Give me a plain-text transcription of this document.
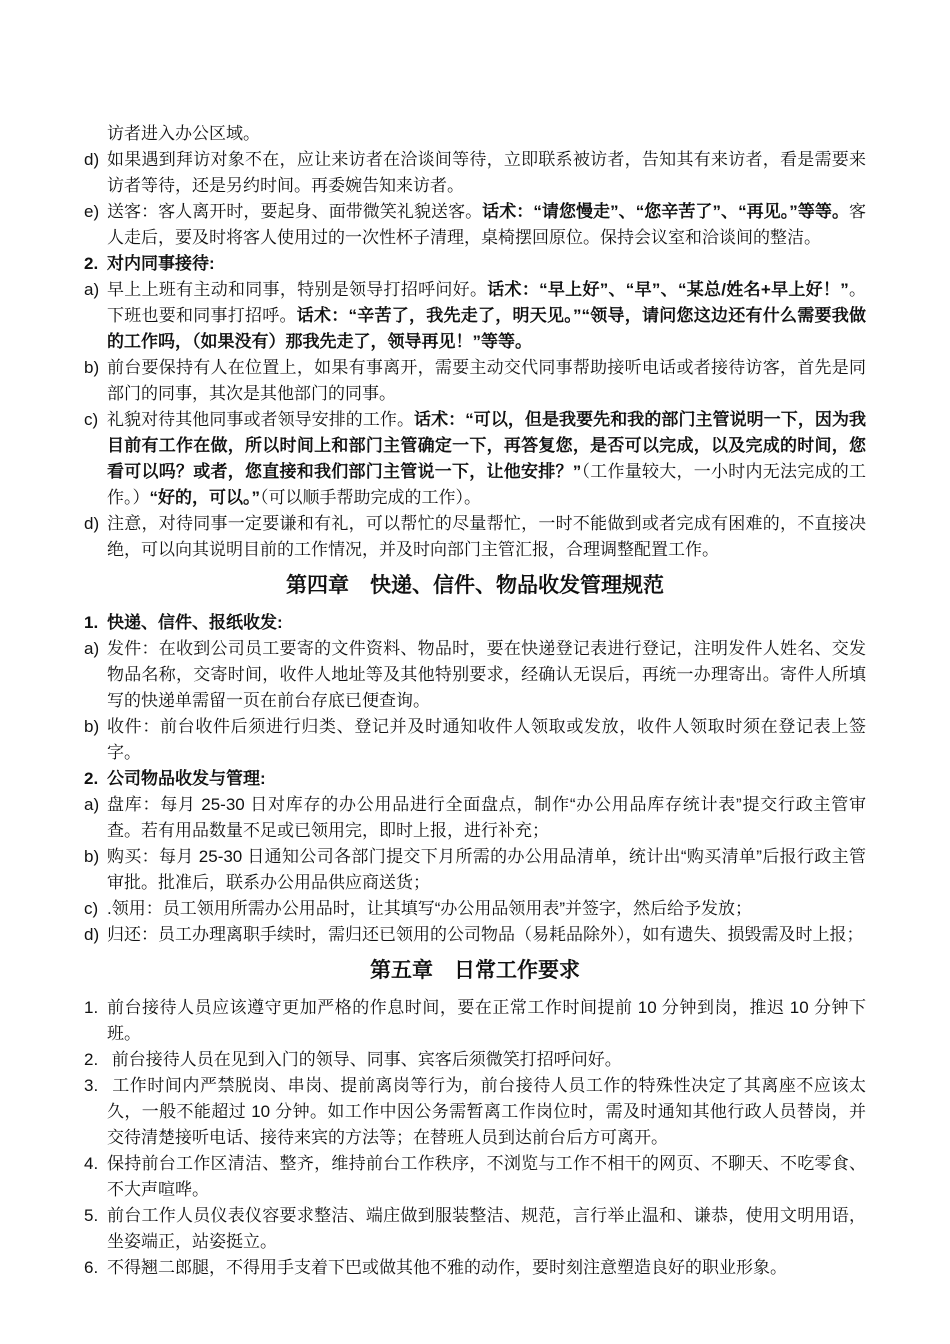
访者进入办公区域。
d) 如果遇到拜访对象不在，应让来访者在洽谈间等待，立即联系被访者，告知其有来访者，看是需要来访者等待，还是另约时间。再委婉告知来访者。
e) 送客：客人离开时，要起身、面带微笑礼貌送客。话术：“请您慢走”、“您辛苦了”、“再见。”等等。客人走后，要及时将客人使用过的一次性杯子清理，桌椅摆回原位。保持会议室和洽谈间的整洁。
2. 对内同事接待:
a) 早上上班有主动和同事，特别是领导打招呼问好。话术：“早上好”、“早”、“某总/姓名+早上好！”。下班也要和同事打招呼。话术：“辛苦了，我先走了，明天见。”“领导，请问您这边还有什么需要我做的工作吗，（如果没有）那我先走了，领导再见！”等等。
b) 前台要保持有人在位置上，如果有事离开，需要主动交代同事帮助接听电话或者接待访客，首先是同部门的同事，其次是其他部门的同事。
c) 礼貌对待其他同事或者领导安排的工作。话术：“可以，但是我要先和我的部门主管说明一下，因为我目前有工作在做，所以时间上和部门主管确定一下，再答复您，是否可以完成，以及完成的时间，您看可以吗？或者，您直接和我们部门主管说一下，让他安排？”（工作量较大，一小时内无法完成的工作。）“好的，可以。”（可以顺手帮助完成的工作）。
d) 注意，对待同事一定要谦和有礼，可以帮忙的尽量帮忙，一时不能做到或者完成有困难的，不直接决绝，可以向其说明目前的工作情况，并及时向部门主管汇报，合理调整配置工作。
第四章　快递、信件、物品收发管理规范
1. 快递、信件、报纸收发:
a) 发件：在收到公司员工要寄的文件资料、物品时，要在快递登记表进行登记，注明发件人姓名、交发物品名称，交寄时间，收件人地址等及其他特别要求，经确认无误后，再统一办理寄出。寄件人所填写的快递单需留一页在前台存底已便查询。
b) 收件：前台收件后须进行归类、登记并及时通知收件人领取或发放，收件人领取时须在登记表上签字。
2. 公司物品收发与管理:
a) 盘库：每月 25-30 日对库存的办公用品进行全面盘点，制作“办公用品库存统计表”提交行政主管审查。若有用品数量不足或已领用完，即时上报，进行补充；
b) 购买：每月 25-30 日通知公司各部门提交下月所需的办公用品清单，统计出“购买清单”后报行政主管审批。批准后，联系办公用品供应商送货；
c) .领用：员工领用所需办公用品时，让其填写“办公用品领用表”并签字，然后给予发放；
d) 归还：员工办理离职手续时，需归还已领用的公司物品（易耗品除外），如有遗失、损毁需及时上报；
第五章　日常工作要求
1. 前台接待人员应该遵守更加严格的作息时间，要在正常工作时间提前 10 分钟到岗，推迟 10 分钟下班。
2. 前台接待人员在见到入门的领导、同事、宾客后须微笑打招呼问好。
3. 工作时间内严禁脱岗、串岗、提前离岗等行为，前台接待人员工作的特殊性决定了其离座不应该太久，一般不能超过 10 分钟。如工作中因公务需暂离工作岗位时，需及时通知其他行政人员替岗，并交待清楚接听电话、接待来宾的方法等；在替班人员到达前台后方可离开。
4. 保持前台工作区清洁、整齐，维持前台工作秩序，不浏览与工作不相干的网页、不聊天、不吃零食、不大声喧哗。
5. 前台工作人员仪表仪容要求整洁、端庄做到服装整洁、规范，言行举止温和、谦恭，使用文明用语，坐姿端正，站姿挺立。
6. 不得翘二郎腿，不得用手支着下巴或做其他不雅的动作，要时刻注意塑造良好的职业形象。
